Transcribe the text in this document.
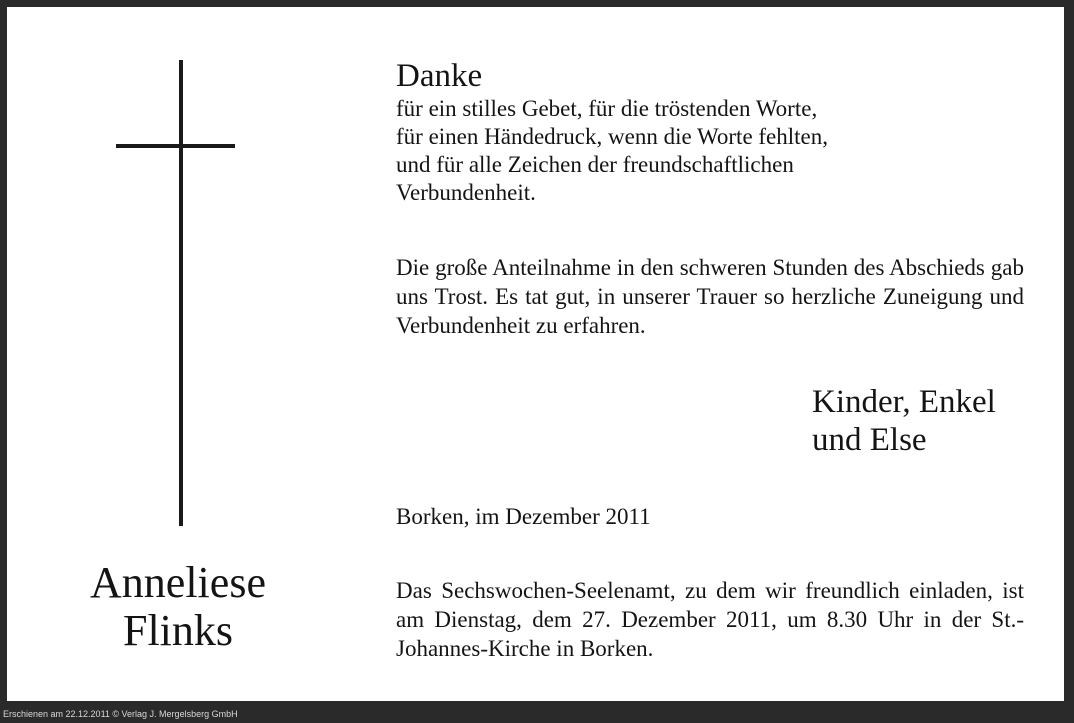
Anneliese
Flinks
Danke
für ein stilles Gebet, für die tröstenden Worte,
für einen Händedruck, wenn die Worte fehlten,
und für alle Zeichen der freundschaftlichen
Verbundenheit.
Die große Anteilnahme in den schweren Stunden des Abschieds gab uns Trost. Es tat gut, in unserer Trauer so herzliche Zuneigung und Verbundenheit zu erfahren.
Kinder, Enkel
und Else
Borken, im Dezember 2011
Das Sechswochen-Seelenamt, zu dem wir freundlich einladen, ist am Dienstag, dem 27. Dezember 2011, um 8.30 Uhr in der St.-Johannes-Kirche in Borken.
Erschienen am 22.12.2011 © Verlag J. Mergelsberg GmbH
